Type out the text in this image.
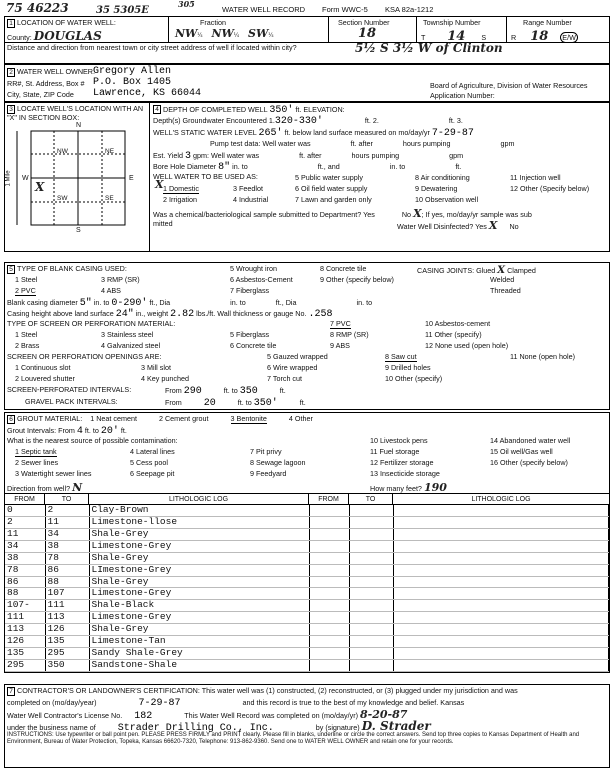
75 46223	35 5305E
305
WATER WELL RECORD Form WWC-5 KSA 82a-1212
1 LOCATION OF WATER WELL:
County: DOUGLAS
Fraction
NW¼ NW¼ SW¼
Section Number
18
Township Number
T 14 S
Range Number
R 18 E/W
Distance and direction from nearest town or city street address of well if located within city?	5½ S 3½ W of Clinton
2 WATER WELL OWNER:
Gregory Allen
RR#, St. Address, Box # P.O. Box 1405
City, State, ZIP Code Lawrence, KS 66044
Board of Agriculture, Division of Water Resources
Application Number:
3 LOCATE WELL'S LOCATION WITH AN "X" IN SECTION BOX:
N
S
W	E
NW	NE
SW	SE
X
1 Mile
4 DEPTH OF COMPLETED WELL 350' ft. ELEVATION:
Depth(s) Groundwater Encountered 1.320-330'	ft. 2.	ft. 3.
WELL'S STATIC WATER LEVEL 265' ft. below land surface measured on mo/day/yr 7-29-87
Pump test data: Well water was	ft. after	hours pumping	gpm
Est. Yield 3 gpm: Well water was	ft. after	hours pumping	gpm
Bore Hole Diameter 8" in. to	ft., and	in. to	ft.
WELL WATER TO BE USED AS:
X 1 Domestic
2 Irrigation
3 Feedlot
4 Industrial
5 Public water supply
6 Oil field water supply
7 Lawn and garden only
8 Air conditioning
9 Dewatering
10 Observation well
11 Injection well
12 Other (Specify below)
Was a chemical/bacteriological sample submitted to Department? Yes	No X; If yes, mo/day/yr sample was sub
mitted	Water Well Disinfected? Yes X No
5 TYPE OF BLANK CASING USED:
1 Steel
2 PVC
3 RMP (SR)
4 ABS
5 Wrought iron
6 Asbestos-Cement
7 Fiberglass
8 Concrete tile
9 Other (specify below)
CASING JOINTS: Glued X Clamped
Welded
Threaded
Blank casing diameter 5" in. to 0-290' ft., Dia	in. to	ft., Dia	in. to
Casing height above land surface 24" in., weight 2.82 lbs./ft. Wall thickness or gauge No. .258
TYPE OF SCREEN OR PERFORATION MATERIAL:
1 Steel
2 Brass
3 Stainless steel
4 Galvanized steel
5 Fiberglass
6 Concrete tile
7 PVC
8 RMP (SR)
9 ABS
10 Asbestos-cement
11 Other (specify)
12 None used (open hole)
SCREEN OR PERFORATION OPENINGS ARE:
1 Continuous slot
2 Louvered shutter
3 Mill slot
4 Key punched
5 Gauzed wrapped
6 Wire wrapped
7 Torch cut
8 Saw cut
9 Drilled holes
10 Other (specify)
11 None (open hole)
SCREEN-PERFORATED INTERVALS:	From 290	ft. to 350	ft.
GRAVEL PACK INTERVALS:	From 20	ft. to 350'	ft.
6 GROUT MATERIAL: 1 Neat cement	2 Cement grout	3 Bentonite	4 Other
Grout Intervals: From 4 ft. to 20' ft.
What is the nearest source of possible contamination:
1 Septic tank
2 Sewer lines
3 Watertight sewer lines
4 Lateral lines
5 Cess pool
6 Seepage pit
7 Pit privy
8 Sewage lagoon
9 Feedyard
10 Livestock pens
11 Fuel storage
12 Fertilizer storage
13 Insecticide storage
14 Abandoned water well
15 Oil well/Gas well
16 Other (specify below)
Direction from well? N	How many feet? 190
FROM	TO	LITHOLOGIC LOG	FROM	TO	LITHOLOGIC LOG
0	2	Clay-Brown			
2	11	Limestone-llose			
11	34	Shale-Grey			
34	38	Limestone-Grey			
38	78	Shale-Grey			
78	86	LImestone-Grey			
86	88	Shale-Grey			
88	107	Limestone-Grey			
107-	111	Shale-Black			
111	113	Limestone-Grey			
113	126	Shale-Grey			
126	135	Limestone-Tan			
135	295	Sandy Shale-Grey			
295	350	Sandstone-Shale			
7 CONTRACTOR'S OR LANDOWNER'S CERTIFICATION: This water well was (1) constructed, (2) reconstructed, or (3) plugged under my jurisdiction and was
completed on (mo/day/year)	7-29-87	and this record is true to the best of my knowledge and belief. Kansas
Water Well Contractor's License No. 182	This Water Well Record was completed on (mo/day/yr) 8-20-87
under the business name of Strader Drilling Co., Inc.	by (signature) D. Strader
INSTRUCTIONS: Use typewriter or ball point pen. PLEASE PRESS FIRMLY and PRINT clearly. Please fill in blanks, underline or circle the correct answers. Send top three copies to Kansas Department of Health and Environment, Bureau of Water Protection, Topeka, Kansas 66620-7320, Telephone: 913-862-9360. Send one to WATER WELL OWNER and retain one for your records.
